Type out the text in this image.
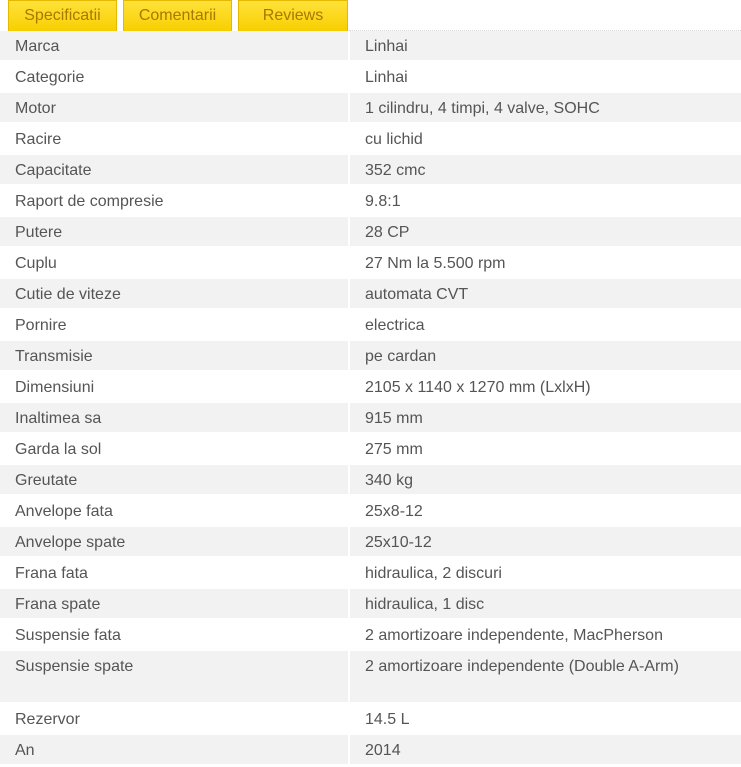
Specificatii	Comentarii	Reviews
Marca	Linhai

Categorie	Linhai

Motor	1 cilindru, 4 timpi, 4 valve, SOHC

Racire	cu lichid

Capacitate	352 cmc

Raport de compresie	9.8:1

Putere	28 CP

Cuplu	27 Nm la 5.500 rpm

Cutie de viteze	automata CVT

Pornire	electrica

Transmisie	pe cardan

Dimensiuni	2105 x 1140 x 1270 mm (LxlxH)

Inaltimea sa	915 mm

Garda la sol	275 mm

Greutate	340 kg

Anvelope fata	25x8-12

Anvelope spate	25x10-12

Frana fata	hidraulica, 2 discuri

Frana spate	hidraulica, 1 disc

Suspensie fata	2 amortizoare independente, MacPherson

Suspensie spate	2 amortizoare independente (Double A-Arm)

Rezervor	14.5 L

An	2014
